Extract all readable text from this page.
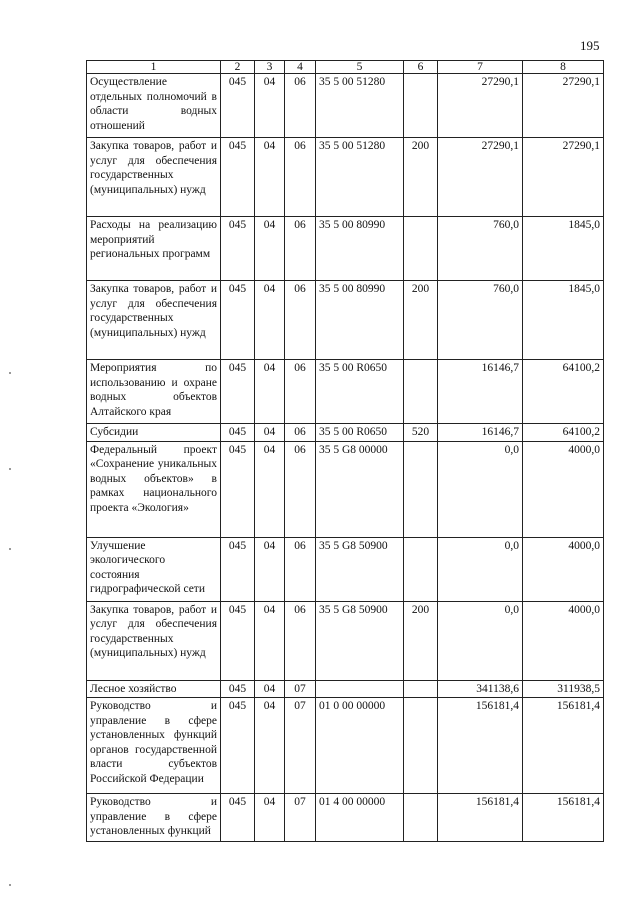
195
1	2	3	4	5	6	7	8
Осуществление отдельных полномочий в области водных отношений	045	04	06	35 5 00 51280		27290,1	27290,1
Закупка товаров, работ и услуг для обеспечения государственных (муниципальных) нужд	045	04	06	35 5 00 51280	200	27290,1	27290,1
Расходы на реализацию мероприятий региональных программ	045	04	06	35 5 00 80990		760,0	1845,0
Закупка товаров, работ и услуг для обеспечения государственных (муниципальных) нужд	045	04	06	35 5 00 80990	200	760,0	1845,0
Мероприятия по использованию и охране водных объектов Алтайского края	045	04	06	35 5 00 R0650		16146,7	64100,2
Субсидии	045	04	06	35 5 00 R0650	520	16146,7	64100,2
Федеральный проект «Сохранение уникальных водных объектов» в рамках национального проекта «Экология»	045	04	06	35 5 G8 00000		0,0	4000,0
Улучшение экологического состояния гидрографической сети	045	04	06	35 5 G8 50900		0,0	4000,0
Закупка товаров, работ и услуг для обеспечения государственных (муниципальных) нужд	045	04	06	35 5 G8 50900	200	0,0	4000,0
Лесное хозяйство	045	04	07			341138,6	311938,5
Руководство и управление в сфере установленных функций органов государственной власти субъектов Российской Федерации	045	04	07	01 0 00 00000		156181,4	156181,4
Руководство и управление в сфере установленных функций	045	04	07	01 4 00 00000		156181,4	156181,4
